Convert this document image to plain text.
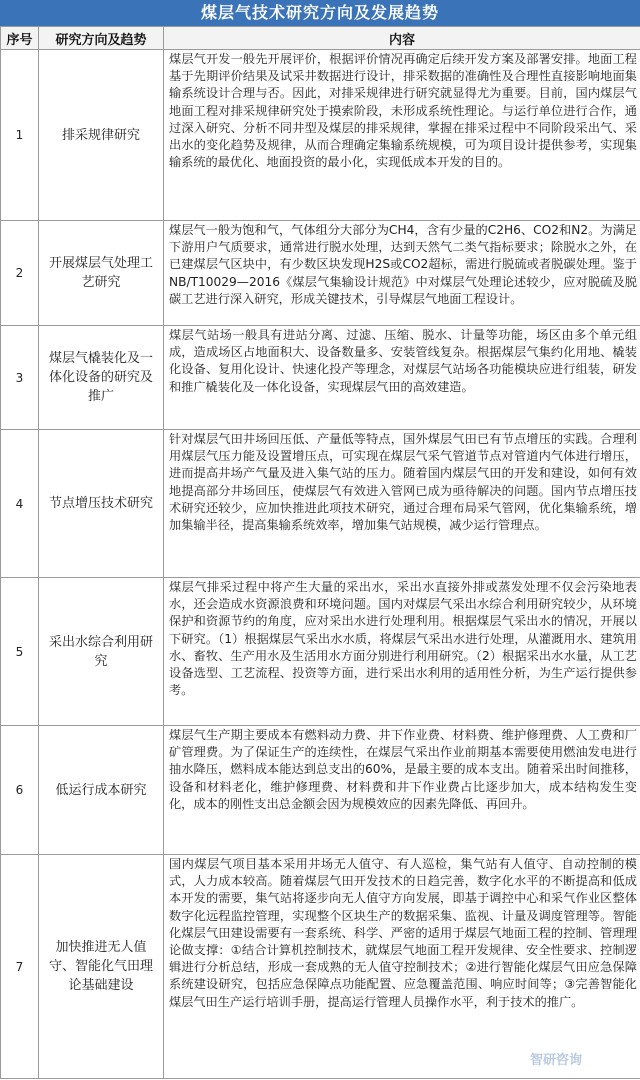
煤层气技术研究方向及发展趋势
序号	研究方向及趋势	内容
1	排采规律研究	煤层气开发一般先开展评价，根据评价情况再确定后续开发方案及部署安排。地面工程基于先期评价结果及试采井数据进行设计，排采数据的准确性及合理性直接影响地面集输系统设计合理与否。因此，对排采规律进行研究就显得尤为重要。目前，国内煤层气地面工程对排采规律研究处于摸索阶段，未形成系统性理论。与运行单位进行合作，通过深入研究、分析不同井型及煤层的排采规律，掌握在排采过程中不同阶段采出气、采出水的变化趋势及规律，从而合理确定集输系统规模，可为项目设计提供参考，实现集输系统的最优化、地面投资的最小化，实现低成本开发的目的。
2	开展煤层气处理工艺研究	煤层气一般为饱和气，气体组分大部分为CH4，含有少量的C2H6、CO2和N2。为满足下游用户气质要求，通常进行脱水处理，达到天然气二类气指标要求；除脱水之外，在已建煤层气区块中，有少数区块发现H2S或CO2超标，需进行脱硫或者脱碳处理。鉴于NB/T10029—2016《煤层气集输设计规范》中对煤层气处理论述较少，应对脱硫及脱碳工艺进行深入研究，形成关键技术，引导煤层气地面工程设计。
3	煤层气橇装化及一体化设备的研究及推广	煤层气站场一般具有进站分离、过滤、压缩、脱水、计量等功能，场区由多个单元组成，造成场区占地面积大、设备数量多、安装管线复杂。根据煤层气集约化用地、橇装化设备、复用化设计、快速化投产等理念，对煤层气站场各功能模块应进行组装，研发和推广橇装化及一体化设备，实现煤层气田的高效建造。
4	节点增压技术研究	针对煤层气田井场回压低、产量低等特点，国外煤层气田已有节点增压的实践。合理利用煤层气压力能及设置增压点，可实现在煤层气采气管道节点对管道内气体进行增压，进而提高井场产气量及进入集气站的压力。随着国内煤层气田的开发和建设，如何有效地提高部分井场回压，使煤层气有效进入管网已成为亟待解决的问题。国内节点增压技术研究还较少，应加快推进此项技术研究，通过合理布局采气管网，优化集输系统，增加集输半径，提高集输系统效率，增加集气站规模，减少运行管理点。
5	采出水综合利用研究	煤层气排采过程中将产生大量的采出水，采出水直接外排或蒸发处理不仅会污染地表水，还会造成水资源浪费和环境问题。国内对煤层气采出水综合利用研究较少，从环境保护和资源节约的角度，应对采出水进行处理利用。根据煤层气采出水的情况，开展以下研究。（1）根据煤层气采出水水质，将煤层气采出水进行处理，从灌溉用水、建筑用水、畜牧、生产用水及生活用水方面分别进行利用研究。（2）根据采出水水量，从工艺设备选型、工艺流程、投资等方面，进行采出水利用的适用性分析，为生产运行提供参考。
6	低运行成本研究	煤层气生产期主要成本有燃料动力费、井下作业费、材料费、维护修理费、人工费和厂矿管理费。为了保证生产的连续性，在煤层气采出作业前期基本需要使用燃油发电进行抽水降压，燃料成本能达到总支出的60%，是最主要的成本支出。随着采出时间推移，设备和材料老化，维护修理费、材料费和井下作业费占比逐步加大，成本结构发生变化，成本的刚性支出总金额会因为规模效应的因素先降低、再回升。
7	加快推进无人值守、智能化气田理论基础建设	国内煤层气项目基本采用井场无人值守、有人巡检，集气站有人值守、自动控制的模式，人力成本较高。随着煤层气田开发技术的日趋完善，数字化水平的不断提高和低成本开发的需要，集气站将逐步向无人值守方向发展，即基于调控中心和采气作业区整体数字化远程监控管理，实现整个区块生产的数据采集、监视、计量及调度管理等。智能化煤层气田建设需要有一套系统、科学、严密的适用于煤层气地面工程的控制、管理理论做支撑：①结合计算机控制技术，就煤层气地面工程开发规律、安全性要求、控制逻辑进行分析总结，形成一套成熟的无人值守控制技术；②进行智能化煤层气田应急保障系统建设研究，包括应急保障点功能配置、应急覆盖范围、响应时间等；③完善智能化煤层气田生产运行培训手册，提高运行管理人员操作水平，利于技术的推广。
智研咨询
